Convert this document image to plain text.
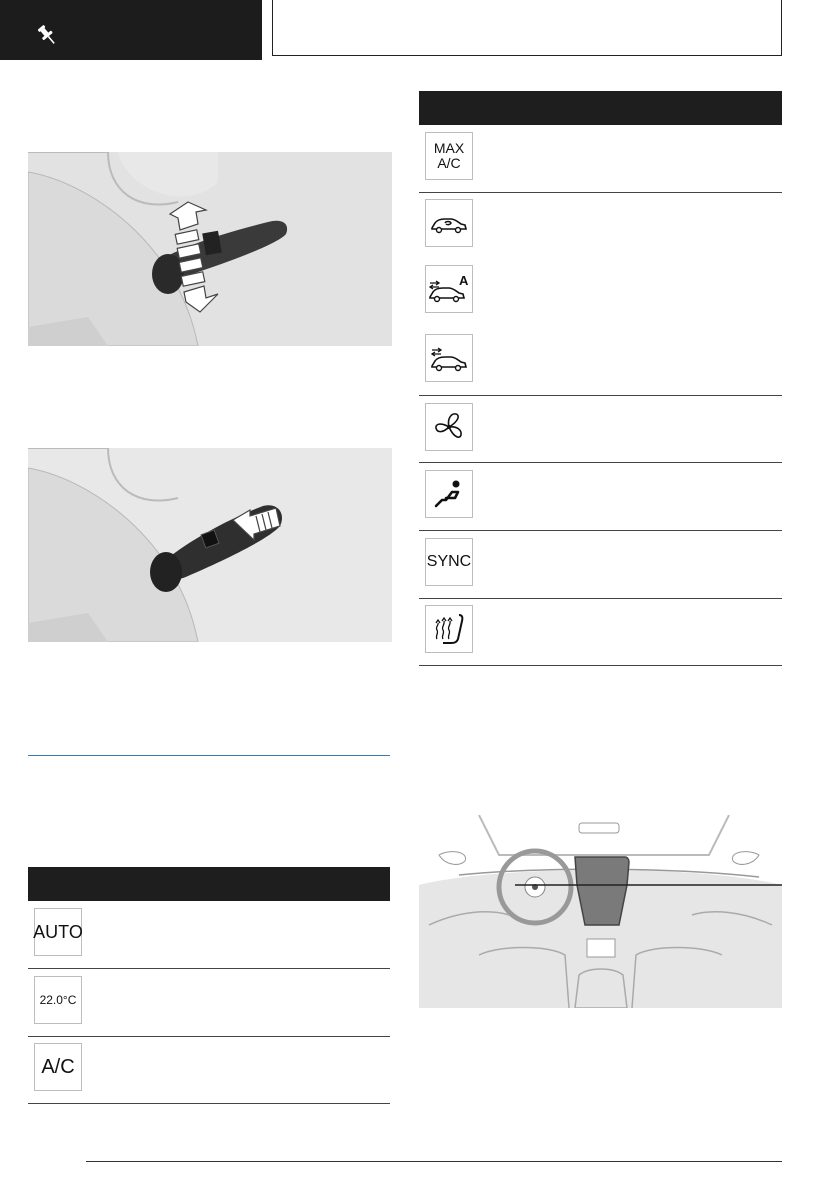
AUTO
22.0°C
A/C
MAX
A/C
A
SYNC
